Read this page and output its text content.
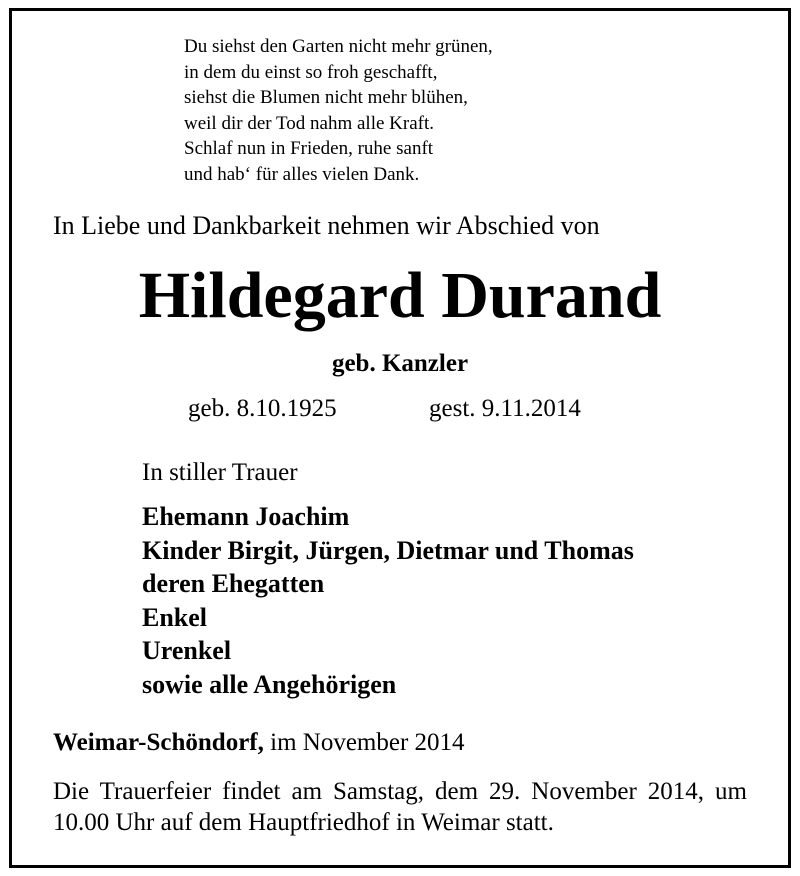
Du siehst den Garten nicht mehr grünen,
in dem du einst so froh geschafft,
siehst die Blumen nicht mehr blühen,
weil dir der Tod nahm alle Kraft.
Schlaf nun in Frieden, ruhe sanft
und hab‘ für alles vielen Dank.
In Liebe und Dankbarkeit nehmen wir Abschied von
Hildegard Durand
geb. Kanzler
geb. 8.10.1925	gest. 9.11.2014
In stiller Trauer
Ehemann Joachim
Kinder Birgit, Jürgen, Dietmar und Thomas
deren Ehegatten
Enkel
Urenkel
sowie alle Angehörigen
Weimar-Schöndorf, im November 2014
Die Trauerfeier findet am Samstag, dem 29. November 2014, um 10.00 Uhr auf dem Hauptfriedhof in Weimar statt.
